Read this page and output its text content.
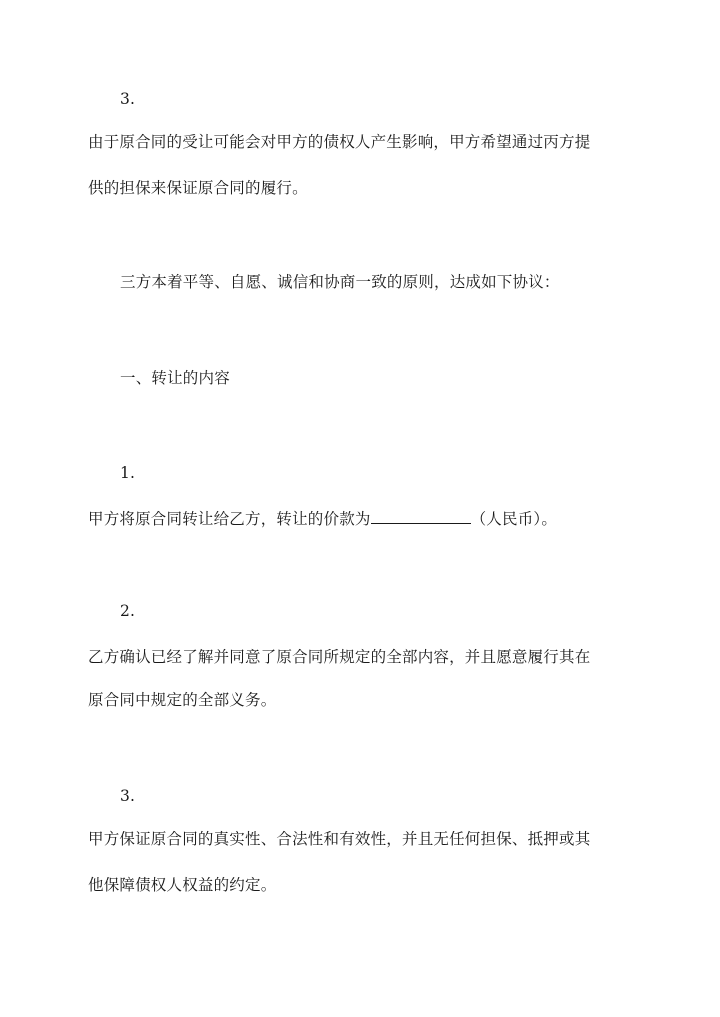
3.
由于原合同的受让可能会对甲方的债权人产生影响，甲方希望通过丙方提
供的担保来保证原合同的履行。
三方本着平等、自愿、诚信和协商一致的原则，达成如下协议：
一、转让的内容
1.
甲方将原合同转让给乙方，转让的价款为	（人民币）。
2.
乙方确认已经了解并同意了原合同所规定的全部内容，并且愿意履行其在
原合同中规定的全部义务。
3.
甲方保证原合同的真实性、合法性和有效性，并且无任何担保、抵押或其
他保障债权人权益的约定。
